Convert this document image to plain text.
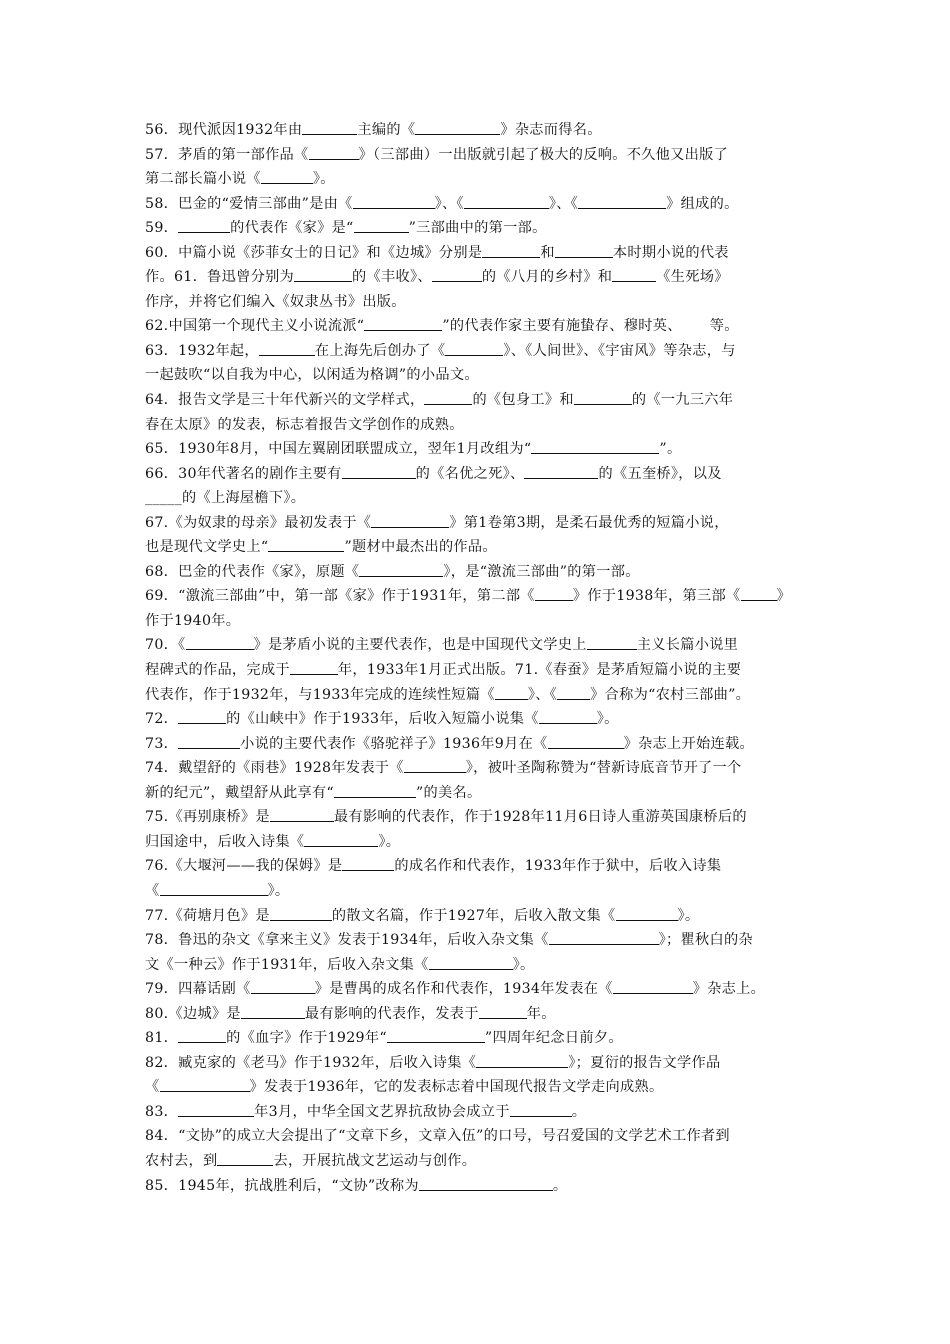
56．现代派因1932年由	主编的《	》杂志而得名。
57．茅盾的第一部作品《	》（三部曲）一出版就引起了极大的反响。不久他又出版了
第二部长篇小说《	》。
58．巴金的“爱情三部曲”是由《	》、《	》、《	》组成的。
59．	的代表作《家》是“	”三部曲中的第一部。
60．中篇小说《莎菲女士的日记》和《边城》分别是	和	本时期小说的代表
作。61．鲁迅曾分别为	的《丰收》、	的《八月的乡村》和	《生死场》
作序，并将它们编入《奴隶丛书》出版。
62.中国第一个现代主义小说流派“	”的代表作家主要有施蛰存、穆时英、 等。
63．1932年起，	在上海先后创办了《	》、《人间世》、《宇宙风》等杂志，与
一起鼓吹“以自我为中心，以闲适为格调”的小品文。
64．报告文学是三十年代新兴的文学样式，	的《包身工》和	的《一九三六年
春在太原》的发表，标志着报告文学创作的成熟。
65．1930年8月，中国左翼剧团联盟成立，翌年1月改组为“	”。
66．30年代著名的剧作主要有	的《名优之死》、	的《五奎桥》，以及
_____的《上海屋檐下》。
67.《为奴隶的母亲》最初发表于《	》第1卷第3期，是柔石最优秀的短篇小说，
也是现代文学史上“	”题材中最杰出的作品。
68．巴金的代表作《家》，原题《	》，是“激流三部曲”的第一部。
69．“激流三部曲”中，第一部《家》作于1931年，第二部《	》作于1938年，第三部《	》
作于1940年。
70．《	》是茅盾小说的主要代表作，也是中国现代文学史上	主义长篇小说里
程碑式的作品，完成于	年，1933年1月正式出版。71.《春蚕》是茅盾短篇小说的主要
代表作，作于1932年，与1933年完成的连续性短篇《 》、《 》合称为“农村三部曲”。
72．	的《山峡中》作于1933年，后收入短篇小说集《	》。
73．	小说的主要代表作《骆驼祥子》1936年9月在《	》杂志上开始连载。
74．戴望舒的《雨巷》1928年发表于《	》，被叶圣陶称赞为“替新诗底音节开了一个
新的纪元”，戴望舒从此享有“	”的美名。
75.《再别康桥》是	最有影响的代表作，作于1928年11月6日诗人重游英国康桥后的
归国途中，后收入诗集《	》。
76.《大堰河——我的保姆》是	的成名作和代表作，1933年作于狱中，后收入诗集
《	》。
77.《荷塘月色》是	的散文名篇，作于1927年，后收入散文集《	》。
78．鲁迅的杂文《拿来主义》发表于1934年，后收入杂文集《	》；瞿秋白的杂
文《一种云》作于1931年，后收入杂文集《	》。
79．四幕话剧《	》是曹禺的成名作和代表作，1934年发表在《	》杂志上。
80.《边城》是	最有影响的代表作，发表于	年。
81．	的《血字》作于1929年“	”四周年纪念日前夕。
82．臧克家的《老马》作于1932年，后收入诗集《	》；夏衍的报告文学作品
《	》发表于1936年，它的发表标志着中国现代报告文学走向成熟。
83．	年3月，中华全国文艺界抗敌协会成立于	。
84．“文协”的成立大会提出了“文章下乡，文章入伍”的口号，号召爱国的文学艺术工作者到
农村去，到	去，开展抗战文艺运动与创作。
85．1945年，抗战胜利后，“文协”改称为	。
